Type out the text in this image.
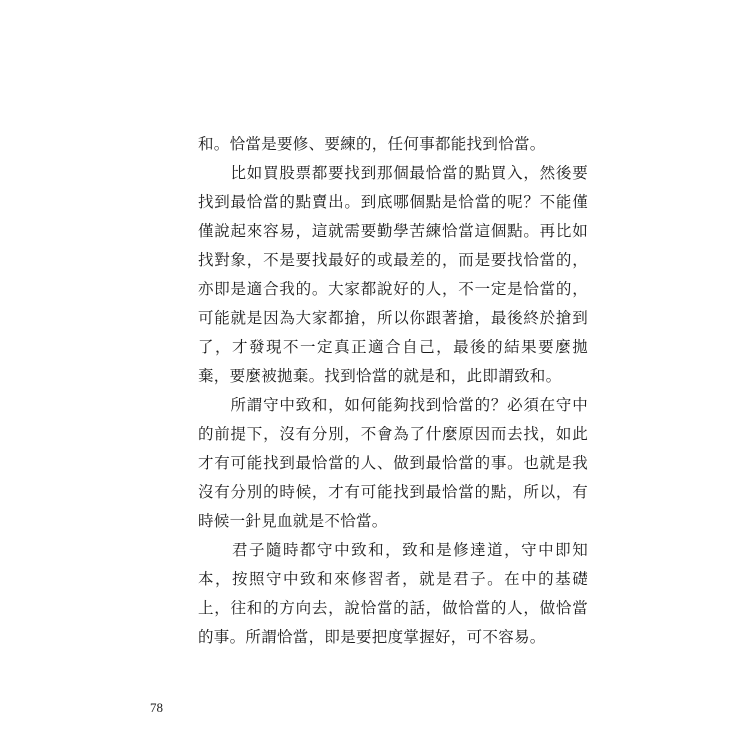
和。恰當是要修、要練的，任何事都能找到恰當。
　　比如買股票都要找到那個最恰當的點買入，然後要
找到最恰當的點賣出。到底哪個點是恰當的呢？不能僅
僅說起來容易，這就需要勤學苦練恰當這個點。再比如
找對象，不是要找最好的或最差的，而是要找恰當的，
亦即是適合我的。大家都說好的人，不一定是恰當的，
可能就是因為大家都搶，所以你跟著搶，最後終於搶到
了，才發現不一定真正適合自己，最後的結果要麼拋
棄，要麼被拋棄。找到恰當的就是和，此即謂致和。
　　所謂守中致和，如何能夠找到恰當的？必須在守中
的前提下，沒有分別，不會為了什麼原因而去找，如此
才有可能找到最恰當的人、做到最恰當的事。也就是我
沒有分別的時候，才有可能找到最恰當的點，所以，有
時候一針見血就是不恰當。
　　君子隨時都守中致和，致和是修達道，守中即知
本，按照守中致和來修習者，就是君子。在中的基礎
上，往和的方向去，說恰當的話，做恰當的人，做恰當
的事。所謂恰當，即是要把度掌握好，可不容易。
78
